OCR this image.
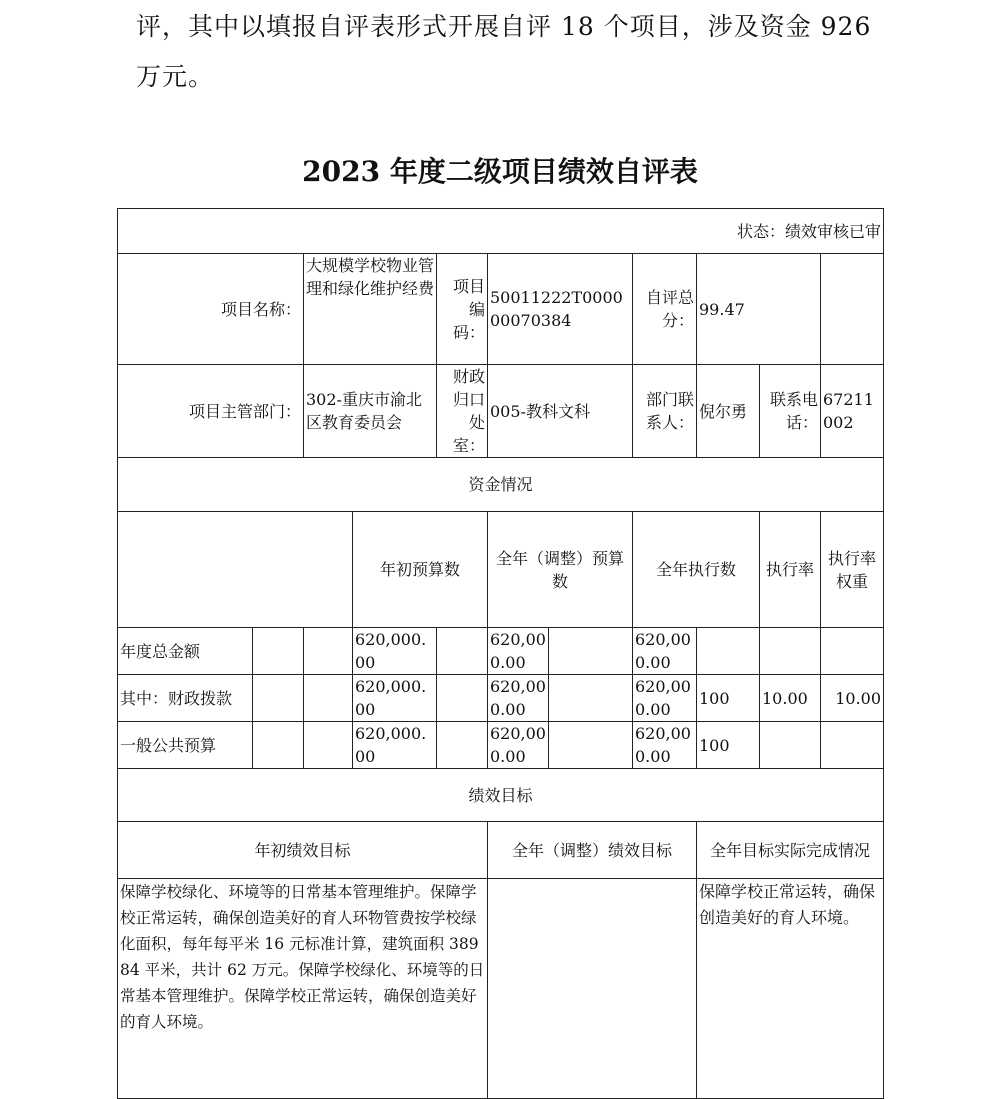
评，其中以填报自评表形式开展自评 18 个项目，涉及资金 926
万元。
2023 年度二级项目绩效自评表
状态：绩效审核已审											
项目名称：		大规模学校物业管理和绿化维护经费		项目编码：	50011222T000000070384		自评总分：	99.47			
项目主管部门：		302-重庆市渝北区教育委员会		财政归口处室：	005-教科文科		部门联系人：	倪尔勇	联系电话：	67211002	
资金情况											
			年初预算数		全年（调整）预算数		全年执行数		执行率	执行率权重	
年度总金额			620,000.00		620,000.00		620,000.00				
其中：财政拨款			620,000.00		620,000.00		620,000.00	100	10.00	10.00	
一般公共预算			620,000.00		620,000.00		620,000.00	100			
绩效目标											
年初绩效目标					全年（调整）绩效目标			全年目标实际完成情况			
保障学校绿化、环境等的日常基本管理维护。保障学校正常运转，确保创造美好的育人环物管费按学校绿化面积，每年每平米 16 元标准计算，建筑面积 38984 平米，共计 62 万元。保障学校绿化、环境等的日常基本管理维护。保障学校正常运转，确保创造美好的育人环境。								保障学校正常运转，确保创造美好的育人环境。			
